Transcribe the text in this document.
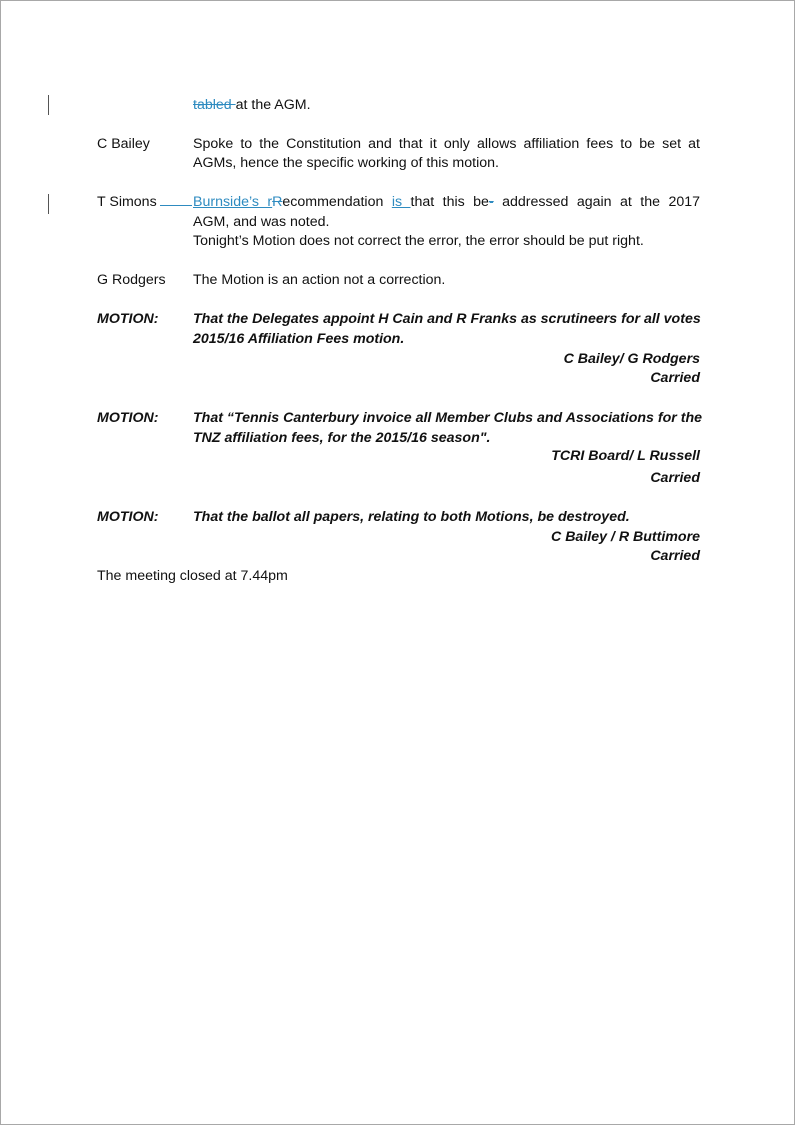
tabled at the AGM.
C Bailey	Spoke to the Constitution and that it only allows affiliation fees to be set at
AGMs, hence the specific working of this motion.
T Simons	Burnside’s rRecommendation is that this be- addressed again at the 2017
AGM, and was noted.
Tonight’s Motion does not correct the error, the error should be put right.
G Rodgers The Motion is an action not a correction.
MOTION: That the Delegates appoint H Cain and R Franks as scrutineers for all votes
2015/16 Affiliation Fees motion.
C Bailey/ G Rodgers
Carried
MOTION: That “Tennis Canterbury invoice all Member Clubs and Associations for the
TNZ affiliation fees, for the 2015/16 season".
TCRI Board/ L Russell
Carried
MOTION: That the ballot all papers, relating to both Motions, be destroyed.
C Bailey / R Buttimore
Carried
The meeting closed at 7.44pm
